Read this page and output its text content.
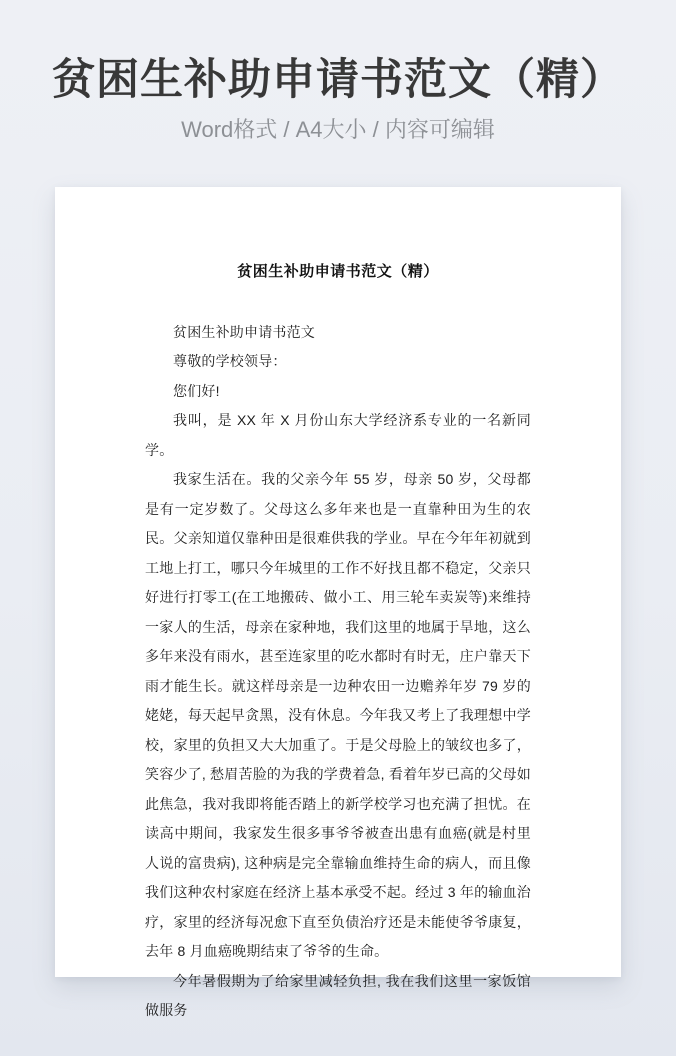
贫困生补助申请书范文（精）

Word格式 / A4大小 / 内容可编辑

贫困生补助申请书范文（精）

贫困生补助申请书范文

尊敬的学校领导：

您们好!

我叫，是 XX 年 X 月份山东大学经济系专业的一名新同学。

我家生活在。我的父亲今年 55 岁，母亲 50 岁，父母都是有一定岁数了。父母这么多年来也是一直靠种田为生的农民。父亲知道仅靠种田是很难供我的学业。早在今年年初就到工地上打工，哪只今年城里的工作不好找且都不稳定，父亲只好进行打零工(在工地搬砖、做小工、用三轮车卖炭等)来维持一家人的生活，母亲在家种地，我们这里的地属于旱地，这么多年来没有雨水，甚至连家里的吃水都时有时无，庄户靠天下雨才能生长。就这样母亲是一边种农田一边赡养年岁 79 岁的姥姥，每天起早贪黑，没有休息。今年我又考上了我理想中学校，家里的负担又大大加重了。于是父母脸上的皱纹也多了，笑容少了, 愁眉苦脸的为我的学费着急, 看着年岁已高的父母如此焦急，我对我即将能否踏上的新学校学习也充满了担忧。在读高中期间，我家发生很多事爷爷被查出患有血癌(就是村里人说的富贵病), 这种病是完全靠输血维持生命的病人，而且像我们这种农村家庭在经济上基本承受不起。经过 3 年的输血治疗，家里的经济每况愈下直至负债治疗还是未能使爷爷康复，去年 8 月血癌晚期结束了爷爷的生命。

今年暑假期为了给家里减轻负担, 我在我们这里一家饭馆做服务
